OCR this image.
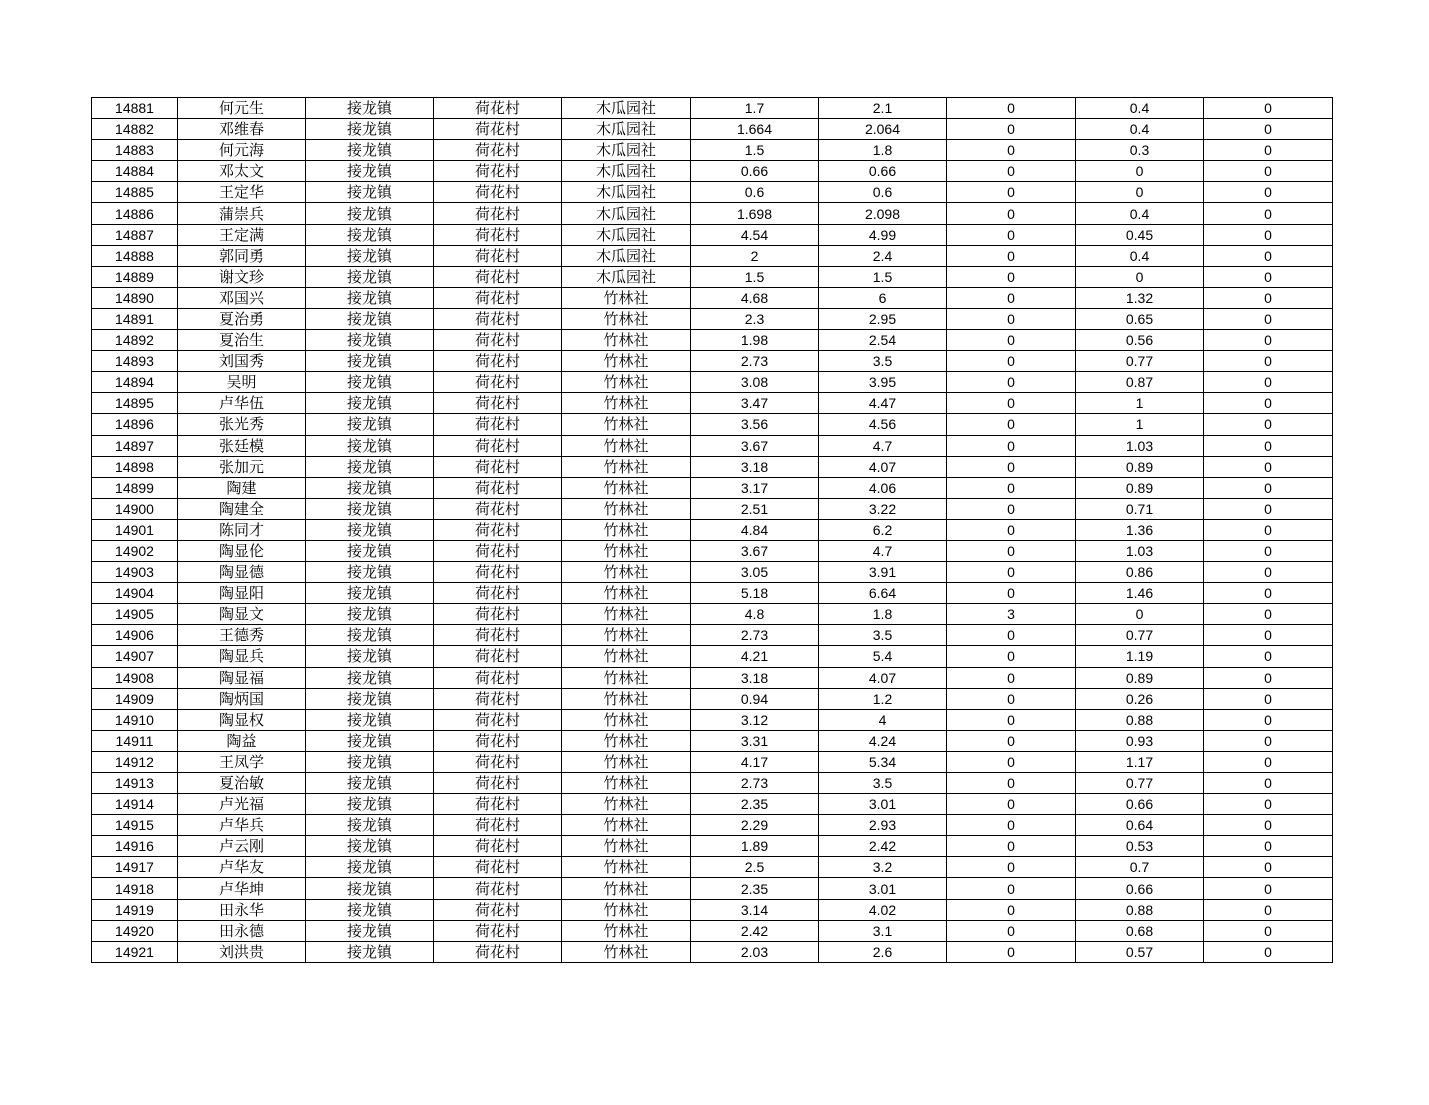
14881	何元生	接龙镇	荷花村	木瓜园社	1.7	2.1	0	0.4	0
14882	邓维春	接龙镇	荷花村	木瓜园社	1.664	2.064	0	0.4	0
14883	何元海	接龙镇	荷花村	木瓜园社	1.5	1.8	0	0.3	0
14884	邓太文	接龙镇	荷花村	木瓜园社	0.66	0.66	0	0	0
14885	王定华	接龙镇	荷花村	木瓜园社	0.6	0.6	0	0	0
14886	蒲崇兵	接龙镇	荷花村	木瓜园社	1.698	2.098	0	0.4	0
14887	王定满	接龙镇	荷花村	木瓜园社	4.54	4.99	0	0.45	0
14888	郭同勇	接龙镇	荷花村	木瓜园社	2	2.4	0	0.4	0
14889	谢文珍	接龙镇	荷花村	木瓜园社	1.5	1.5	0	0	0
14890	邓国兴	接龙镇	荷花村	竹林社	4.68	6	0	1.32	0
14891	夏治勇	接龙镇	荷花村	竹林社	2.3	2.95	0	0.65	0
14892	夏治生	接龙镇	荷花村	竹林社	1.98	2.54	0	0.56	0
14893	刘国秀	接龙镇	荷花村	竹林社	2.73	3.5	0	0.77	0
14894	吴明	接龙镇	荷花村	竹林社	3.08	3.95	0	0.87	0
14895	卢华伍	接龙镇	荷花村	竹林社	3.47	4.47	0	1	0
14896	张光秀	接龙镇	荷花村	竹林社	3.56	4.56	0	1	0
14897	张廷模	接龙镇	荷花村	竹林社	3.67	4.7	0	1.03	0
14898	张加元	接龙镇	荷花村	竹林社	3.18	4.07	0	0.89	0
14899	陶建	接龙镇	荷花村	竹林社	3.17	4.06	0	0.89	0
14900	陶建全	接龙镇	荷花村	竹林社	2.51	3.22	0	0.71	0
14901	陈同才	接龙镇	荷花村	竹林社	4.84	6.2	0	1.36	0
14902	陶显伦	接龙镇	荷花村	竹林社	3.67	4.7	0	1.03	0
14903	陶显德	接龙镇	荷花村	竹林社	3.05	3.91	0	0.86	0
14904	陶显阳	接龙镇	荷花村	竹林社	5.18	6.64	0	1.46	0
14905	陶显文	接龙镇	荷花村	竹林社	4.8	1.8	3	0	0
14906	王德秀	接龙镇	荷花村	竹林社	2.73	3.5	0	0.77	0
14907	陶显兵	接龙镇	荷花村	竹林社	4.21	5.4	0	1.19	0
14908	陶显福	接龙镇	荷花村	竹林社	3.18	4.07	0	0.89	0
14909	陶炳国	接龙镇	荷花村	竹林社	0.94	1.2	0	0.26	0
14910	陶显权	接龙镇	荷花村	竹林社	3.12	4	0	0.88	0
14911	陶益	接龙镇	荷花村	竹林社	3.31	4.24	0	0.93	0
14912	王凤学	接龙镇	荷花村	竹林社	4.17	5.34	0	1.17	0
14913	夏治敏	接龙镇	荷花村	竹林社	2.73	3.5	0	0.77	0
14914	卢光福	接龙镇	荷花村	竹林社	2.35	3.01	0	0.66	0
14915	卢华兵	接龙镇	荷花村	竹林社	2.29	2.93	0	0.64	0
14916	卢云刚	接龙镇	荷花村	竹林社	1.89	2.42	0	0.53	0
14917	卢华友	接龙镇	荷花村	竹林社	2.5	3.2	0	0.7	0
14918	卢华坤	接龙镇	荷花村	竹林社	2.35	3.01	0	0.66	0
14919	田永华	接龙镇	荷花村	竹林社	3.14	4.02	0	0.88	0
14920	田永德	接龙镇	荷花村	竹林社	2.42	3.1	0	0.68	0
14921	刘洪贵	接龙镇	荷花村	竹林社	2.03	2.6	0	0.57	0
